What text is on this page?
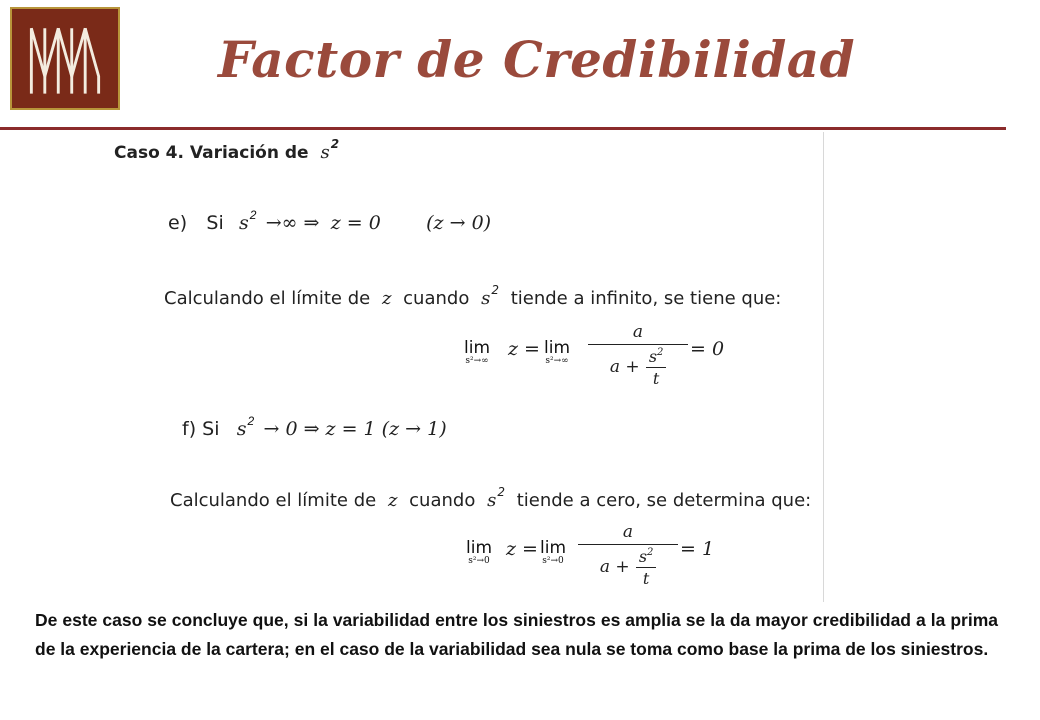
Factor de Credibilidad
Caso 4. Variación de $s^2$
e) Si $s^2$ →∞ ⇒ z = 0 (z → 0)
Calculando el límite de z cuando $s^2$ tiende a infinito, se tiene que:
lim
s²→∞
z = lim
s²→∞
a
$a + \frac{s^2}{t} = 0$
f) Si $s^2 \to 0$ ⇒ z = 1 (z → 1)
Calculando el límite de z cuando $s^2$ tiende a cero, se determina que:
lim
s²→0
z = lim
s²→0
a
$a + \frac{s^2}{t} = 1$
De este caso se concluye que, si la variabilidad entre los siniestros es amplia se la da mayor credibilidad a la prima de la experiencia de la cartera; en el caso de la variabilidad sea nula se toma como base la prima de los siniestros.
